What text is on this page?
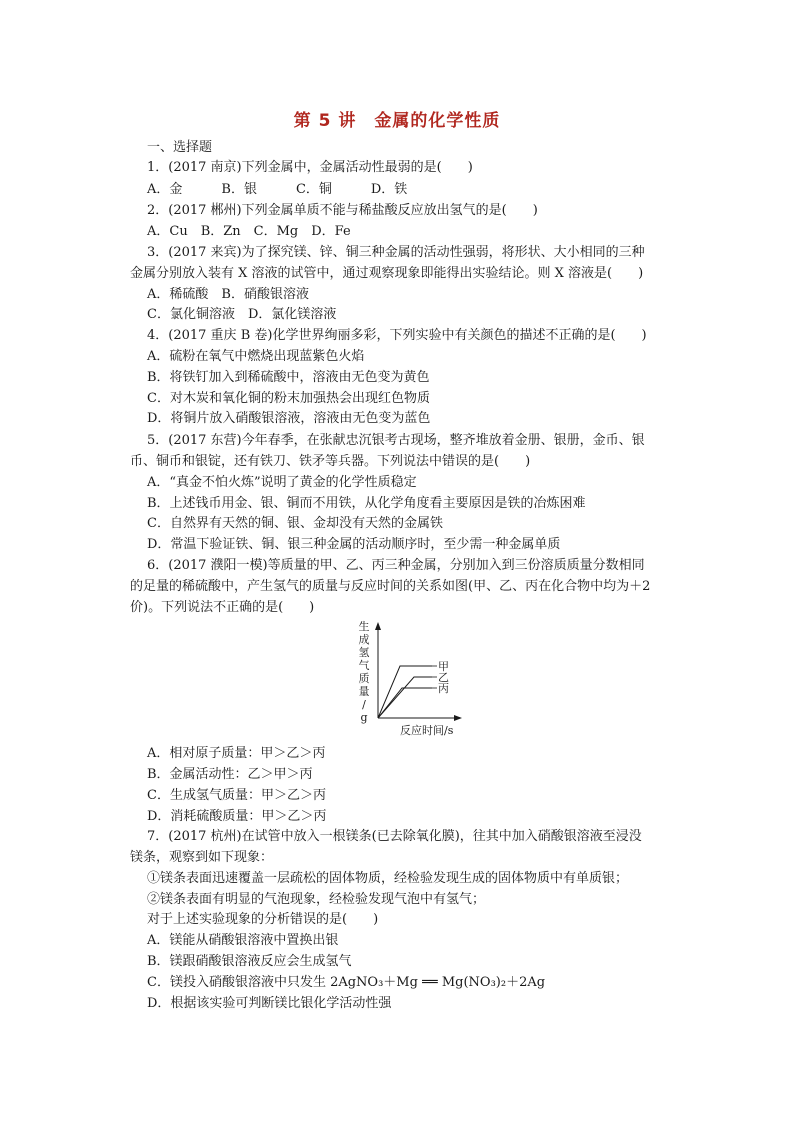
第 5 讲　金属的化学性质
一、选择题
1．(2017 南京)下列金属中，金属活动性最弱的是(　　)
A．金　　　B．银　　　C．铜　　　D．铁
2．(2017 郴州)下列金属单质不能与稀盐酸反应放出氢气的是(　　)
A．Cu　B．Zn　C．Mg　D．Fe
3．(2017 来宾)为了探究镁、锌、铜三种金属的活动性强弱，将形状、大小相同的三种
金属分别放入装有 X 溶液的试管中，通过观察现象即能得出实验结论。则 X 溶液是(　　)
A．稀硫酸　B．硝酸银溶液
C．氯化铜溶液　D．氯化镁溶液
4．(2017 重庆 B 卷)化学世界绚丽多彩，下列实验中有关颜色的描述不正确的是(　　)
A．硫粉在氧气中燃烧出现蓝紫色火焰
B．将铁钉加入到稀硫酸中，溶液由无色变为黄色
C．对木炭和氧化铜的粉末加强热会出现红色物质
D．将铜片放入硝酸银溶液，溶液由无色变为蓝色
5．(2017 东营)今年春季，在张献忠沉银考古现场，整齐堆放着金册、银册，金币、银
币、铜币和银锭，还有铁刀、铁矛等兵器。下列说法中错误的是(　　)
A．“真金不怕火炼”说明了黄金的化学性质稳定
B．上述钱币用金、银、铜而不用铁，从化学角度看主要原因是铁的冶炼困难
C．自然界有天然的铜、银、金却没有天然的金属铁
D．常温下验证铁、铜、银三种金属的活动顺序时，至少需一种金属单质
6．(2017 濮阳一模)等质量的甲、乙、丙三种金属，分别加入到三份溶质质量分数相同
的足量的稀硫酸中，产生氢气的质量与反应时间的关系如图(甲、乙、丙在化合物中均为＋2
价)。下列说法不正确的是(　　)
生
成
氢
气
质
量
/
g
甲
乙
丙
反应时间/s
A．相对原子质量：甲＞乙＞丙
B．金属活动性：乙＞甲＞丙
C．生成氢气质量：甲＞乙＞丙
D．消耗硫酸质量：甲＞乙＞丙
7．(2017 杭州)在试管中放入一根镁条(已去除氧化膜)，往其中加入硝酸银溶液至浸没
镁条，观察到如下现象：
①镁条表面迅速覆盖一层疏松的固体物质，经检验发现生成的固体物质中有单质银；
②镁条表面有明显的气泡现象，经检验发现气泡中有氢气；
对于上述实验现象的分析错误的是(　　)
A．镁能从硝酸银溶液中置换出银
B．镁跟硝酸银溶液反应会生成氢气
C．镁投入硝酸银溶液中只发生 2AgNO₃＋Mg ══ Mg(NO₃)₂＋2Ag
D．根据该实验可判断镁比银化学活动性强
